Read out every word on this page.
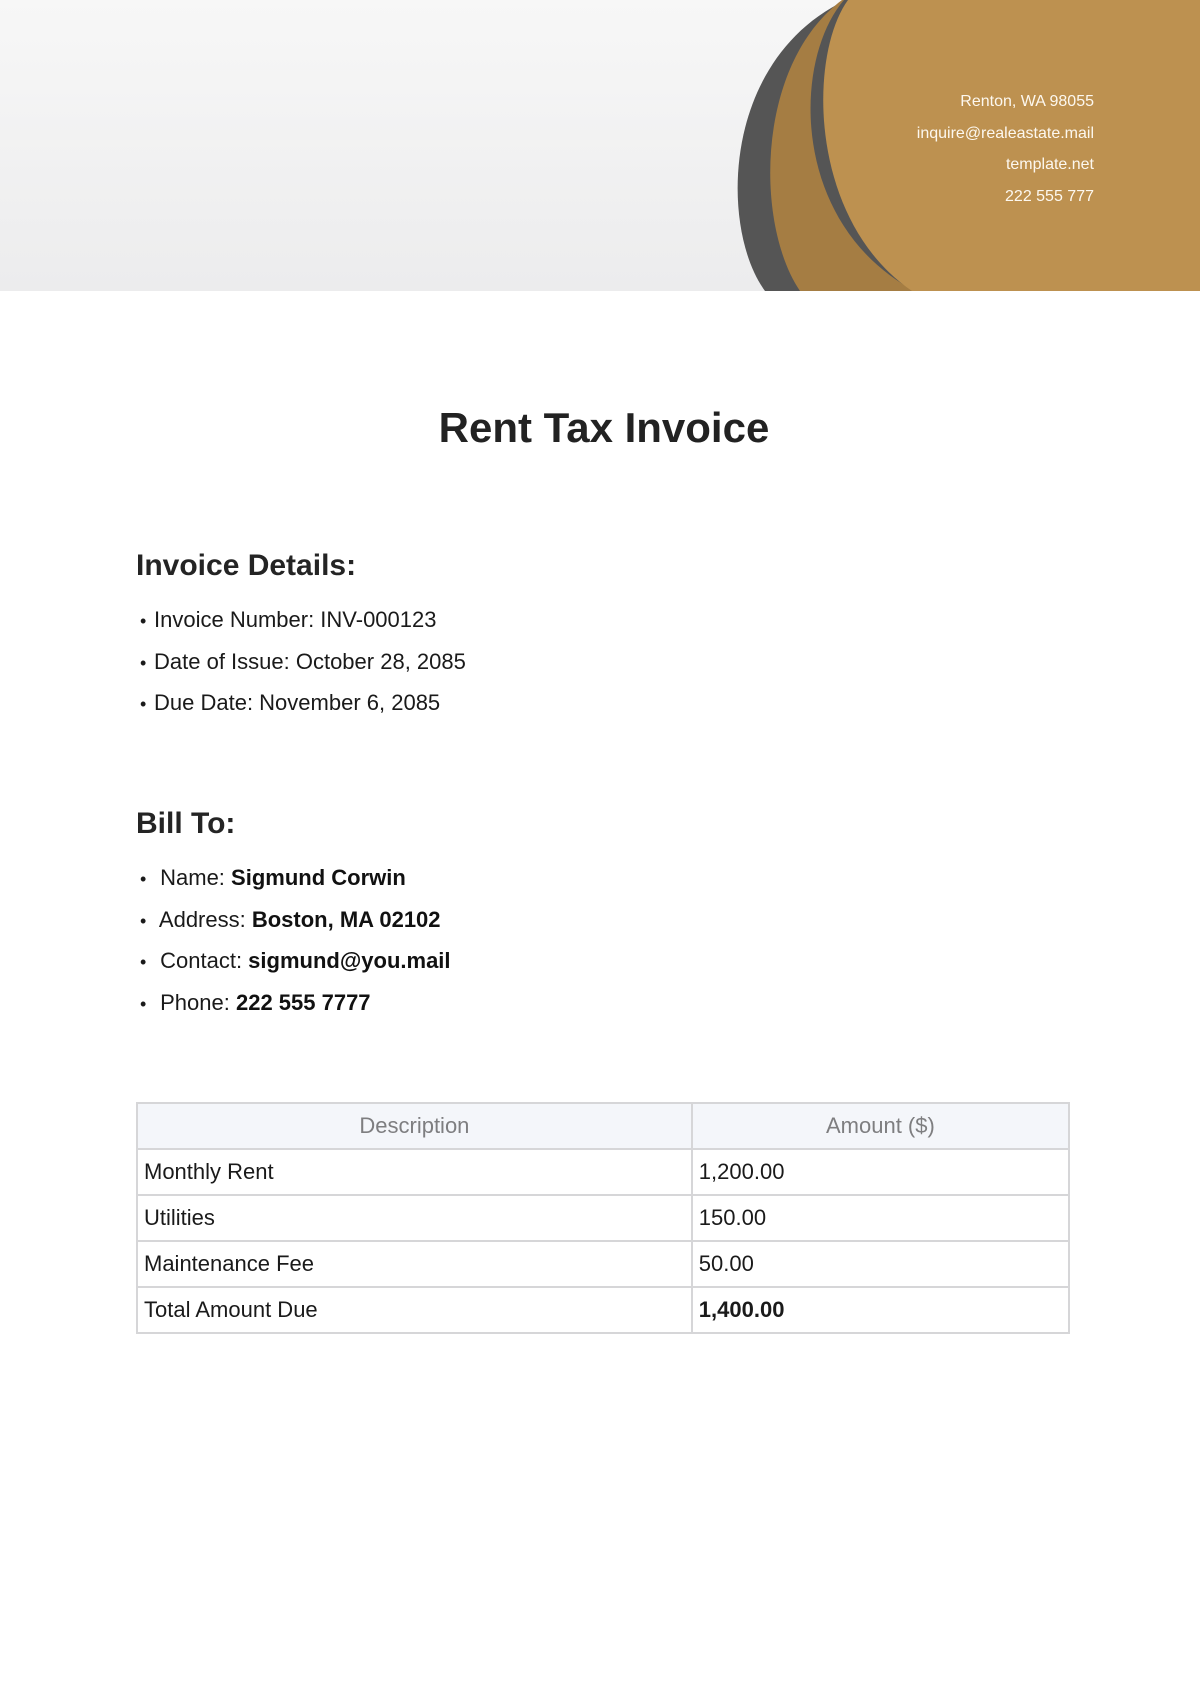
Renton, WA 98055
inquire@realeastate.mail
template.net
222 555 777
Rent Tax Invoice
Invoice Details:
• Invoice Number: INV-000123
• Date of Issue: October 28, 2085
• Due Date: November 6, 2085
Bill To:
• Name: Sigmund Corwin
• Address: Boston, MA 02102
• Contact: sigmund@you.mail
• Phone: 222 555 7777
Description	Amount ($)
Monthly Rent	1,200.00
Utilities	150.00
Maintenance Fee	50.00
Total Amount Due	1,400.00
